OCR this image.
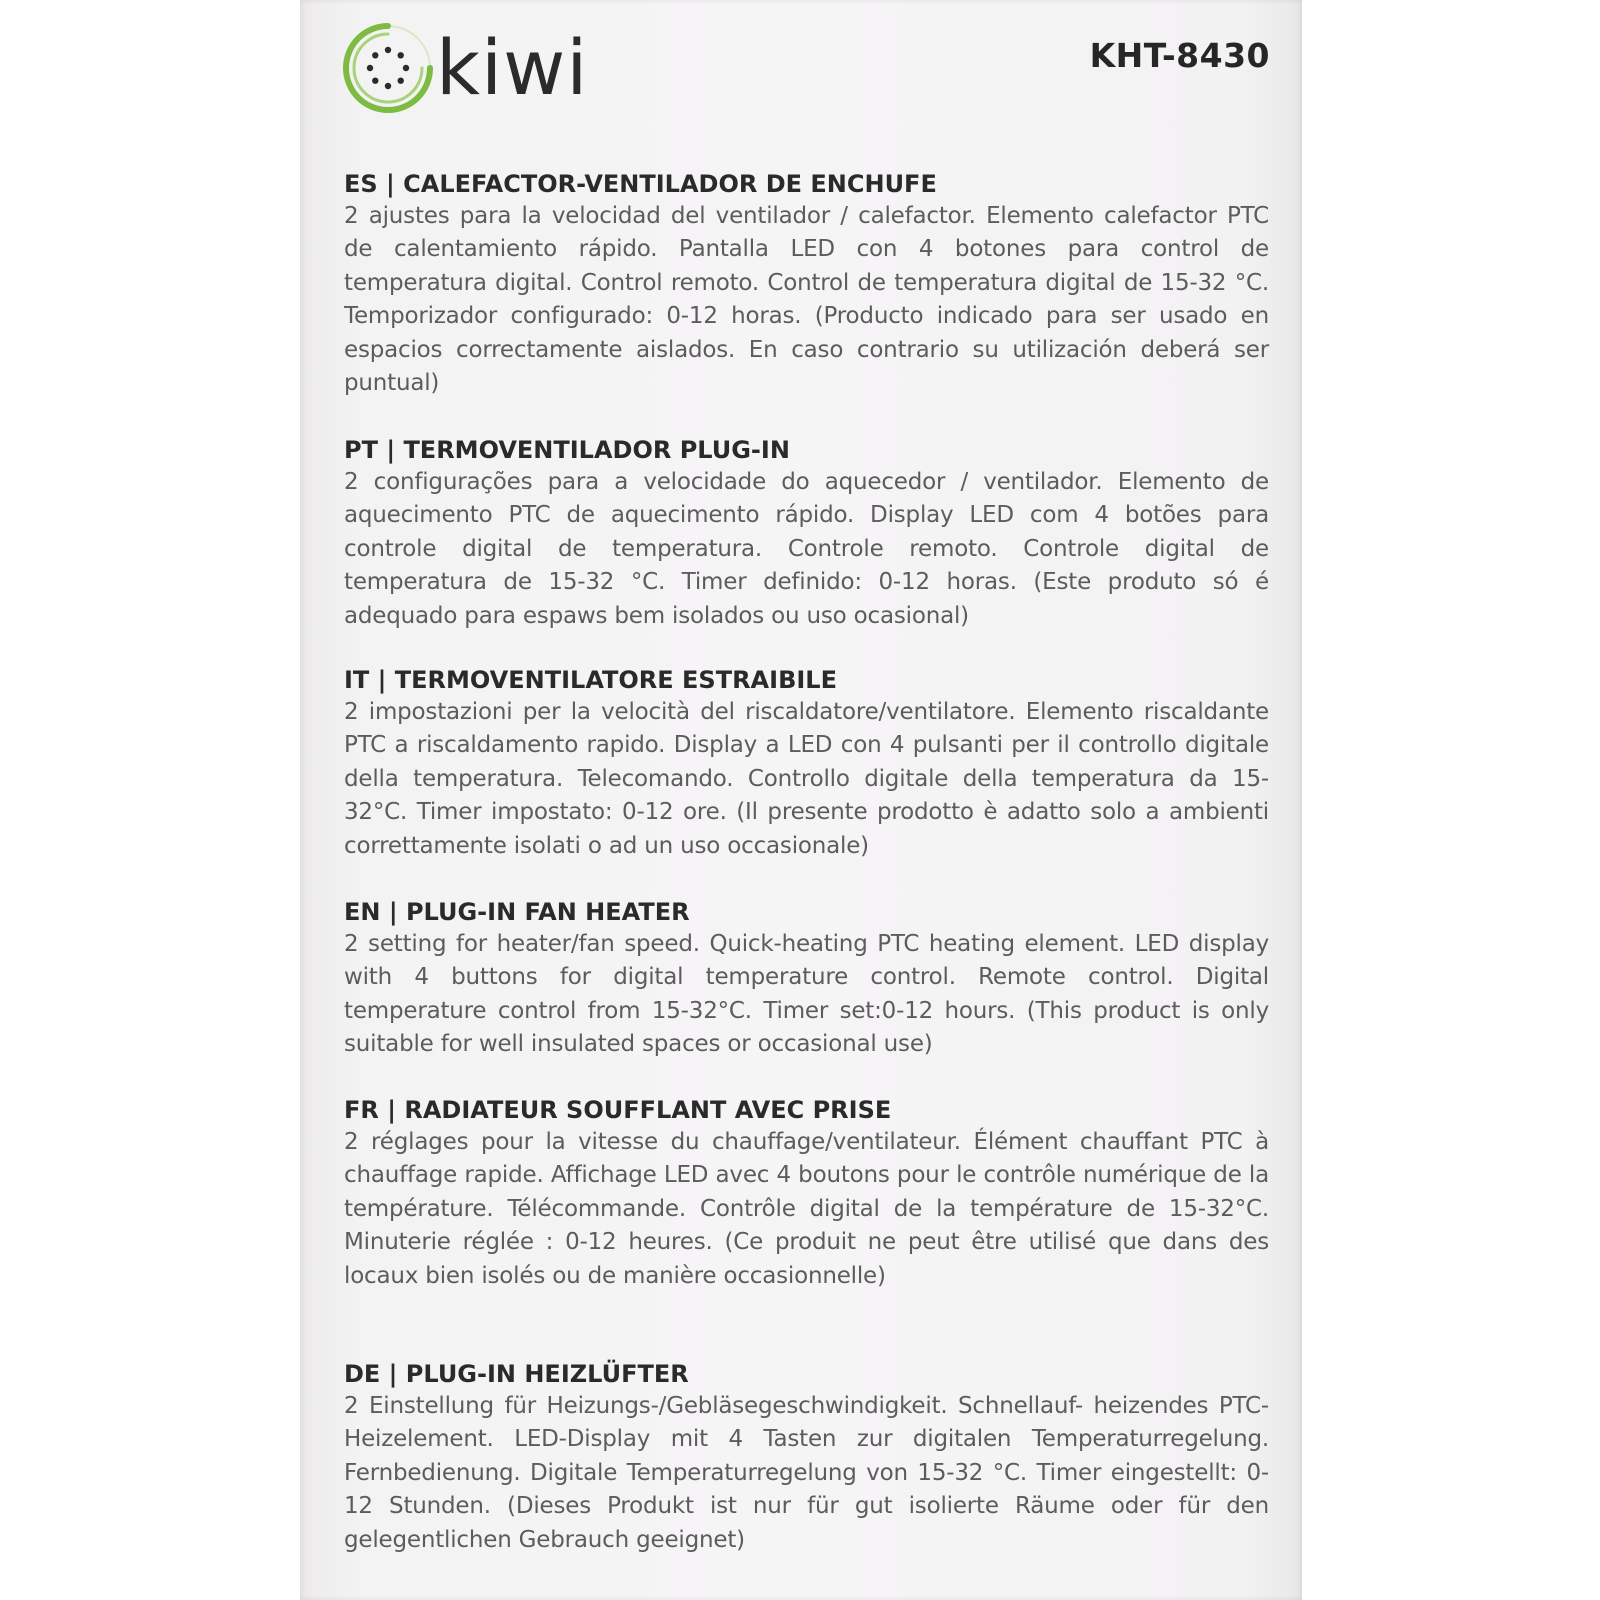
kiwi	KHT-8430

ES | CALEFACTOR-VENTILADOR DE ENCHUFE

2 ajustes para la velocidad del ventilador / calefactor. Elemento calefactor PTC de calentamiento rápido. Pantalla LED con 4 botones para control de temperatura digital. Control remoto. Control de temperatura digital de 15-32 °C. Temporizador configurado: 0-12 horas. (Producto indicado para ser usado en espacios correctamente aislados. En caso contrario su utilización deberá ser puntual)

PT | TERMOVENTILADOR PLUG-IN

2 configurações para a velocidade do aquecedor / ventilador. Elemento de aquecimento PTC de aquecimento rápido. Display LED com 4 botões para controle digital de temperatura. Controle remoto. Controle digital de temperatura de 15-32 °C. Timer definido: 0-12 horas. (Este produto só é adequado para espaws bem isolados ou uso ocasional)

IT | TERMOVENTILATORE ESTRAIBILE

2 impostazioni per la velocità del riscaldatore/ventilatore. Elemento riscaldante PTC a riscaldamento rapido. Display a LED con 4 pulsanti per il controllo digitale della temperatura. Telecomando. Controllo digitale della temperatura da 15-32°C. Timer impostato: 0-12 ore. (Il presente prodotto è adatto solo a ambienti correttamente isolati o ad un uso occasionale)

EN | PLUG-IN FAN HEATER

2 setting for heater/fan speed. Quick-heating PTC heating element. LED display with 4 buttons for digital temperature control. Remote control. Digital temperature control from 15-32°C. Timer set:0-12 hours. (This product is only suitable for well insulated spaces or occasional use)

FR | RADIATEUR SOUFFLANT AVEC PRISE

2 réglages pour la vitesse du chauffage/ventilateur. Élément chauffant PTC à chauffage rapide. Affichage LED avec 4 boutons pour le contrôle numérique de la température. Télécommande. Contrôle digital de la température de 15-32°C. Minuterie réglée : 0-12 heures. (Ce produit ne peut être utilisé que dans des locaux bien isolés ou de manière occasionnelle)

DE | PLUG-IN HEIZLÜFTER

2 Einstellung für Heizungs-/Gebläsegeschwindigkeit. Schnellauf- heizendes PTC-Heizelement. LED-Display mit 4 Tasten zur digitalen Temperaturregelung. Fernbedienung. Digitale Temperaturregelung von 15-32 °C. Timer eingestellt: 0-12 Stunden. (Dieses Produkt ist nur für gut isolierte Räume oder für den gelegentlichen Gebrauch geeignet)
